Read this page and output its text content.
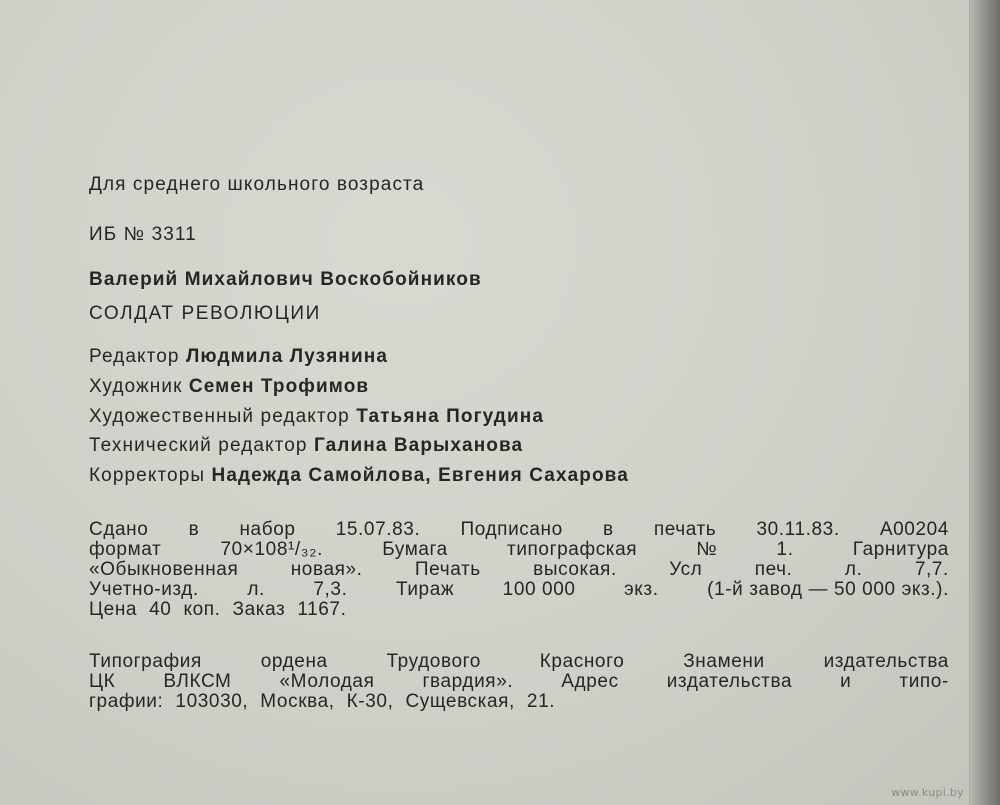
Для среднего школьного возраста
ИБ № 3311
Валерий Михайлович Воскобойников
СОЛДАТ РЕВОЛЮЦИИ
Редактор Людмила Лузянина
Художник Семен Трофимов
Художественный редактор Татьяна Погудина
Технический редактор Галина Варыханова
Корректоры Надежда Самойлова, Евгения Сахарова
Сдано в набор 15.07.83. Подписано в печать 30.11.83. А00204
формат	70×108¹/₃₂.	Бумага	типографская	№	1.	Гарнитура
«Обыкновенная	новая».	Печать	высокая.	Усл	печ.	л.	7,7.
Учетно-изд.	л.	7,3.	Тираж	100 000	экз.	(1-й завод — 50 000 экз.).
Цена 40 коп. Заказ 1167.
Типография	ордена	Трудового	Красного	Знамени	издательства
ЦК	ВЛКСМ	«Молодая	гвардия».	Адрес	издательства	и	типо-
графии: 103030, Москва, К-30, Сущевская, 21.
www.kupi.by
